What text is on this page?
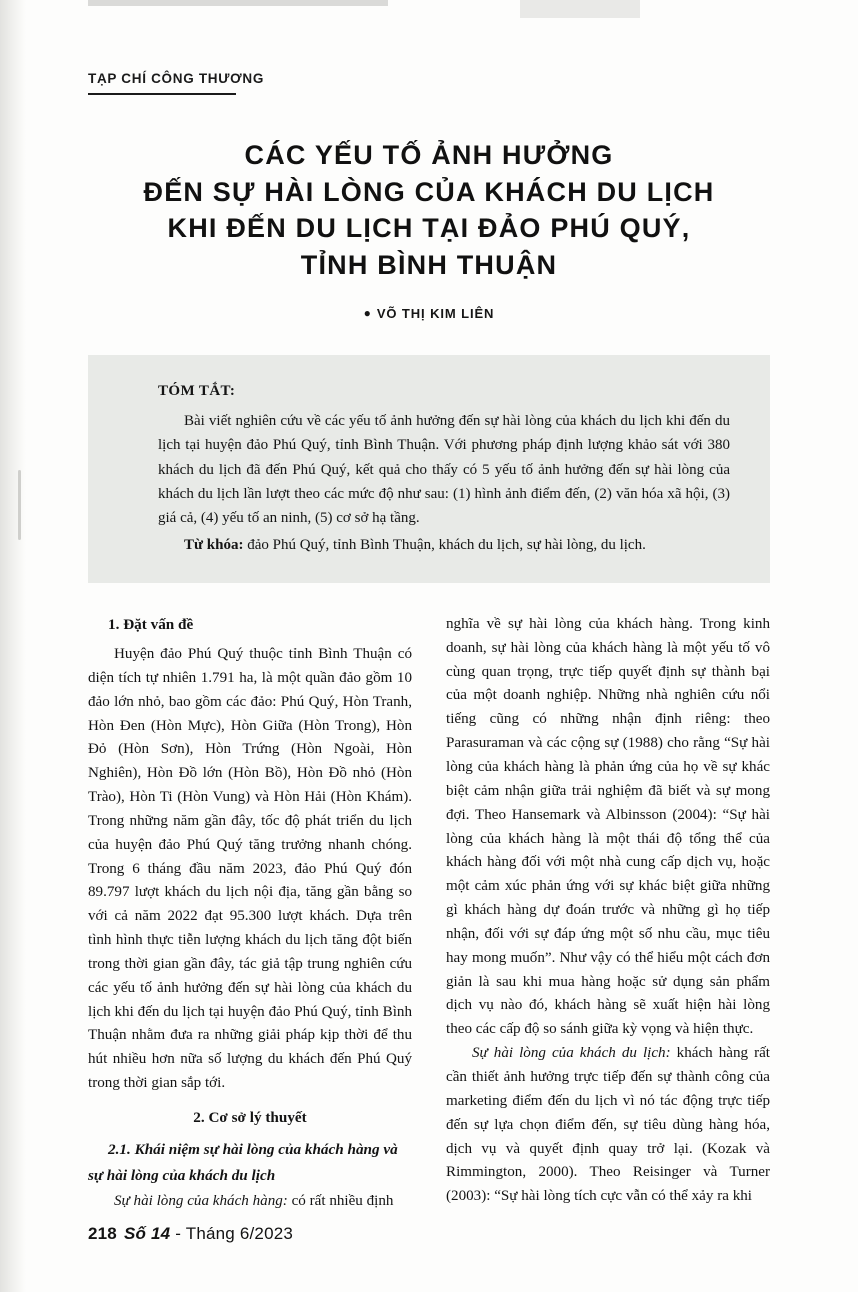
TẠP CHÍ CÔNG THƯƠNG
CÁC YẾU TỐ ẢNH HƯỞNG
ĐẾN SỰ HÀI LÒNG CỦA KHÁCH DU LỊCH
KHI ĐẾN DU LỊCH TẠI ĐẢO PHÚ QUÝ,
TỈNH BÌNH THUẬN
● VÕ THỊ KIM LIÊN
TÓM TẮT:

Bài viết nghiên cứu về các yếu tố ảnh hưởng đến sự hài lòng của khách du lịch khi đến du lịch tại huyện đảo Phú Quý, tỉnh Bình Thuận. Với phương pháp định lượng khảo sát với 380 khách du lịch đã đến Phú Quý, kết quả cho thấy có 5 yếu tố ảnh hưởng đến sự hài lòng của khách du lịch lần lượt theo các mức độ như sau: (1) hình ảnh điểm đến, (2) văn hóa xã hội, (3) giá cả, (4) yếu tố an ninh, (5) cơ sở hạ tầng.

Từ khóa: đảo Phú Quý, tỉnh Bình Thuận, khách du lịch, sự hài lòng, du lịch.

1. Đặt vấn đề

Huyện đảo Phú Quý thuộc tỉnh Bình Thuận có diện tích tự nhiên 1.791 ha, là một quần đảo gồm 10 đảo lớn nhỏ, bao gồm các đảo: Phú Quý, Hòn Tranh, Hòn Đen (Hòn Mực), Hòn Giữa (Hòn Trong), Hòn Đỏ (Hòn Sơn), Hòn Trứng (Hòn Ngoài, Hòn Nghiên), Hòn Đồ lớn (Hòn Bồ), Hòn Đồ nhỏ (Hòn Trào), Hòn Ti (Hòn Vung) và Hòn Hải (Hòn Khám). Trong những năm gần đây, tốc độ phát triển du lịch của huyện đảo Phú Quý tăng trưởng nhanh chóng. Trong 6 tháng đầu năm 2023, đảo Phú Quý đón 89.797 lượt khách du lịch nội địa, tăng gần bằng so với cả năm 2022 đạt 95.300 lượt khách. Dựa trên tình hình thực tiễn lượng khách du lịch tăng đột biến trong thời gian gần đây, tác giả tập trung nghiên cứu các yếu tố ảnh hưởng đến sự hài lòng của khách du lịch khi đến du lịch tại huyện đảo Phú Quý, tỉnh Bình Thuận nhằm đưa ra những giải pháp kịp thời để thu hút nhiều hơn nữa số lượng du khách đến Phú Quý trong thời gian sắp tới.

2. Cơ sở lý thuyết

2.1. Khái niệm sự hài lòng của khách hàng và

sự hài lòng của khách du lịch

Sự hài lòng của khách hàng: có rất nhiều định

nghĩa về sự hài lòng của khách hàng. Trong kinh doanh, sự hài lòng của khách hàng là một yếu tố vô cùng quan trọng, trực tiếp quyết định sự thành bại của một doanh nghiệp. Những nhà nghiên cứu nổi tiếng cũng có những nhận định riêng: theo Parasuraman và các cộng sự (1988) cho rằng “Sự hài lòng của khách hàng là phản ứng của họ về sự khác biệt cảm nhận giữa trải nghiệm đã biết và sự mong đợi. Theo Hansemark và Albinsson (2004): “Sự hài lòng của khách hàng là một thái độ tổng thể của khách hàng đối với một nhà cung cấp dịch vụ, hoặc một cảm xúc phản ứng với sự khác biệt giữa những gì khách hàng dự đoán trước và những gì họ tiếp nhận, đối với sự đáp ứng một số nhu cầu, mục tiêu hay mong muốn”. Như vậy có thể hiểu một cách đơn giản là sau khi mua hàng hoặc sử dụng sản phẩm dịch vụ nào đó, khách hàng sẽ xuất hiện hài lòng theo các cấp độ so sánh giữa kỳ vọng và hiện thực.

Sự hài lòng của khách du lịch: khách hàng rất cần thiết ảnh hưởng trực tiếp đến sự thành công của marketing điểm đến du lịch vì nó tác động trực tiếp đến sự lựa chọn điểm đến, sự tiêu dùng hàng hóa, dịch vụ và quyết định quay trở lại. (Kozak và Rimmington, 2000). Theo Reisinger và Turner (2003): “Sự hài lòng tích cực vẫn có thể xảy ra khi

218 Số 14 - Tháng 6/2023
